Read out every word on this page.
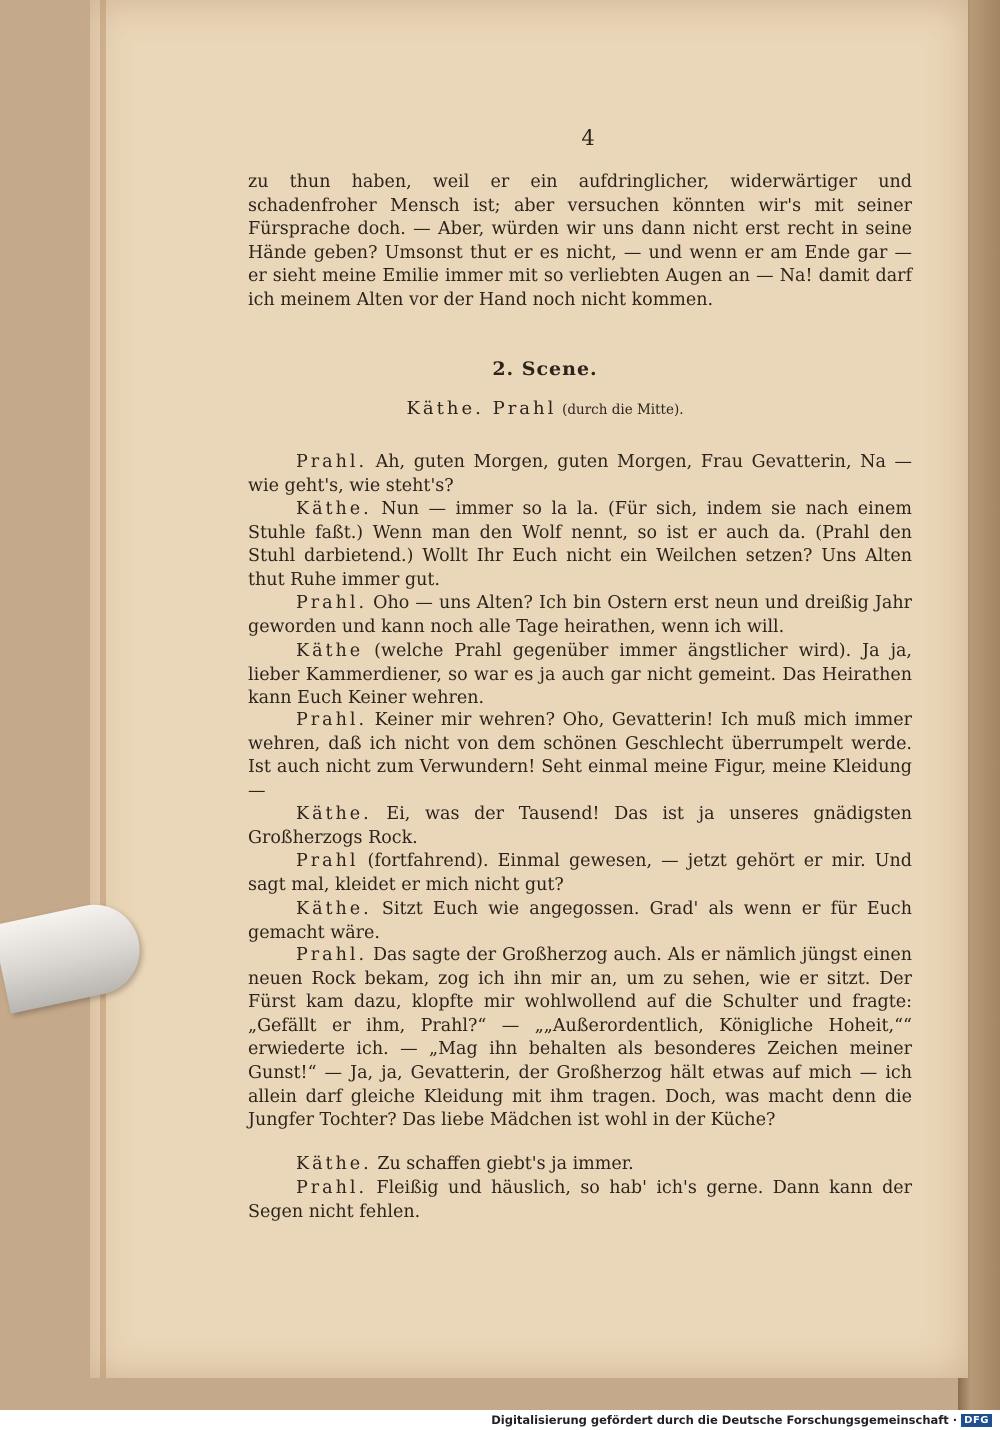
4

zu thun haben, weil er ein aufdringlicher, widerwärtiger und schadenfroher Mensch ist; aber versuchen könnten wir's mit seiner Fürsprache doch. — Aber, würden wir uns dann nicht erst recht in seine Hände geben? Umsonst thut er es nicht, — und wenn er am Ende gar — er sieht meine Emilie immer mit so verliebten Augen an — Na! damit darf ich meinem Alten vor der Hand noch nicht kommen.

2. Scene.
Käthe. Prahl (durch die Mitte).

Prahl. Ah, guten Morgen, guten Morgen, Frau Gevatterin, Na — wie geht's, wie steht's?

Käthe. Nun — immer so la la. (Für sich, indem sie nach einem Stuhle faßt.) Wenn man den Wolf nennt, so ist er auch da. (Prahl den Stuhl darbietend.) Wollt Ihr Euch nicht ein Weilchen setzen? Uns Alten thut Ruhe immer gut.

Prahl. Oho — uns Alten? Ich bin Ostern erst neun und dreißig Jahr geworden und kann noch alle Tage heirathen, wenn ich will.

Käthe (welche Prahl gegenüber immer ängstlicher wird). Ja ja, lieber Kammerdiener, so war es ja auch gar nicht gemeint. Das Heirathen kann Euch Keiner wehren.

Prahl. Keiner mir wehren? Oho, Gevatterin! Ich muß mich immer wehren, daß ich nicht von dem schönen Geschlecht überrumpelt werde. Ist auch nicht zum Verwundern! Seht einmal meine Figur, meine Kleidung —

Käthe. Ei, was der Tausend! Das ist ja unseres gnädigsten Großherzogs Rock.

Prahl (fortfahrend). Einmal gewesen, — jetzt gehört er mir. Und sagt mal, kleidet er mich nicht gut?

Käthe. Sitzt Euch wie angegossen. Grad' als wenn er für Euch gemacht wäre.

Prahl. Das sagte der Großherzog auch. Als er nämlich jüngst einen neuen Rock bekam, zog ich ihn mir an, um zu sehen, wie er sitzt. Der Fürst kam dazu, klopfte mir wohlwollend auf die Schulter und fragte: „Gefällt er ihm, Prahl?“ — „„Außerordentlich, Königliche Hoheit,““ erwiederte ich. — „Mag ihn behalten als besonderes Zeichen meiner Gunst!“ — Ja, ja, Gevatterin, der Großherzog hält etwas auf mich — ich allein darf gleiche Kleidung mit ihm tragen. Doch, was macht denn die Jungfer Tochter? Das liebe Mädchen ist wohl in der Küche?

Käthe. Zu schaffen giebt's ja immer.

Prahl. Fleißig und häuslich, so hab' ich's gerne. Dann kann der Segen nicht fehlen.

Digitalisierung gefördert durch die Deutsche Forschungsgemeinschaft · DFG
